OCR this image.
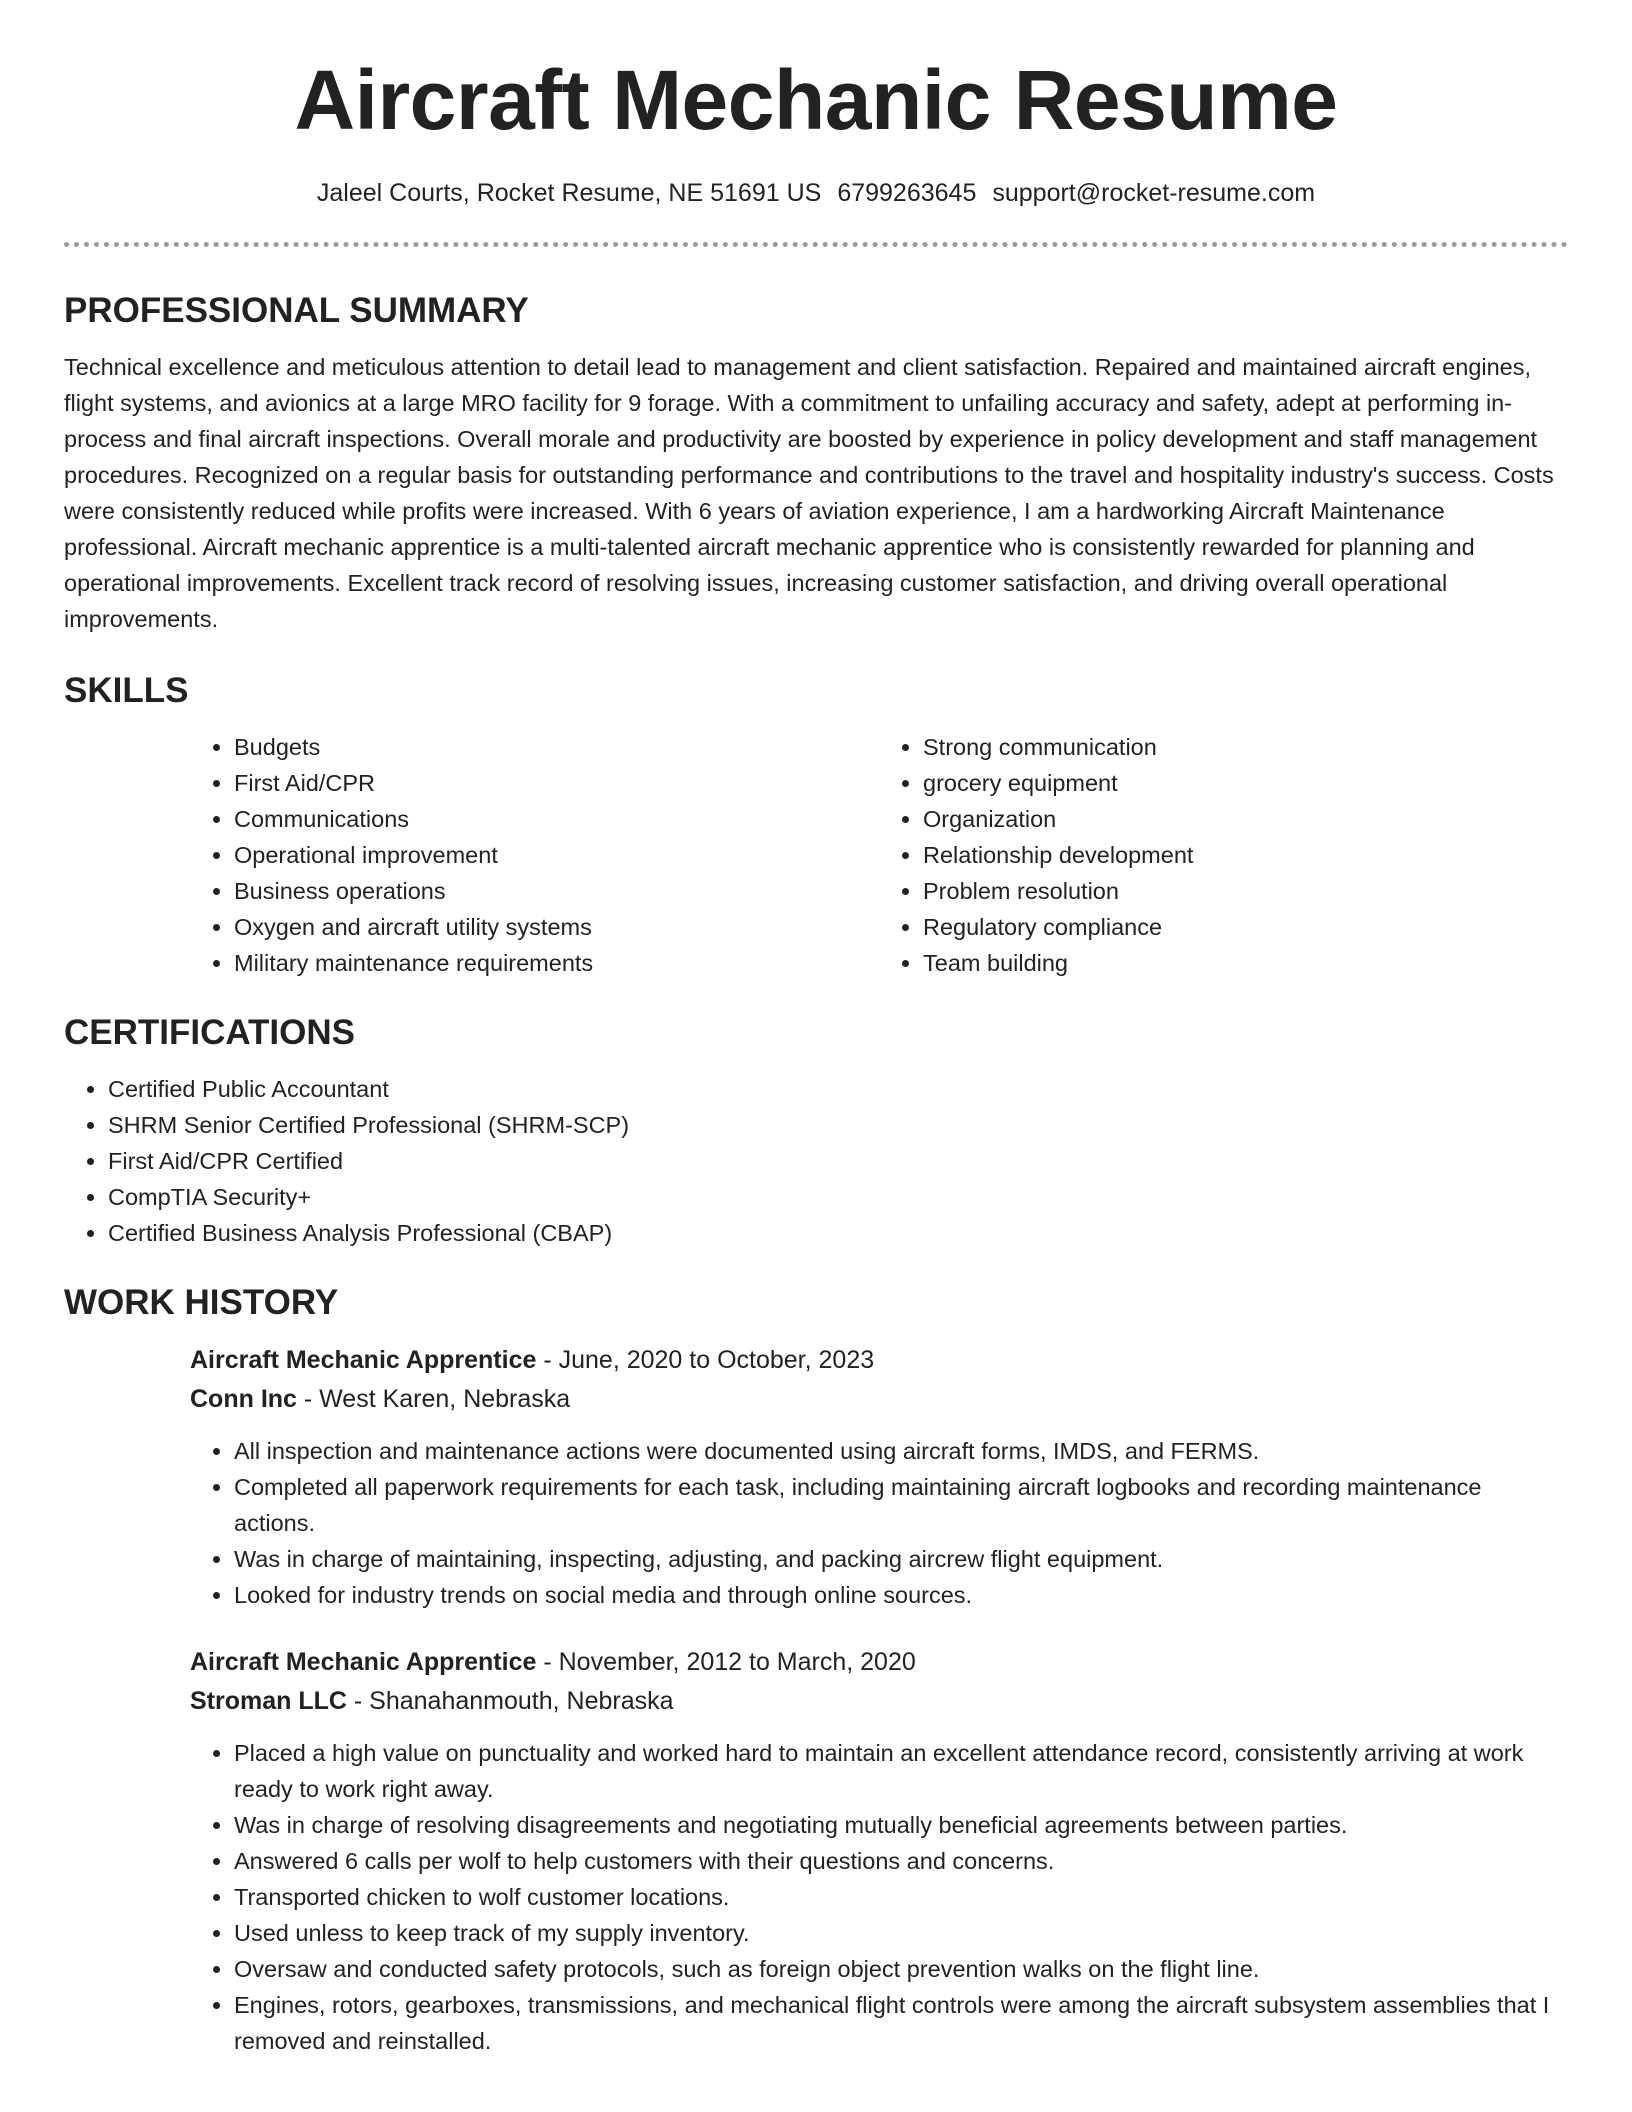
Aircraft Mechanic Resume
Jaleel Courts, Rocket Resume, NE 51691 US 6799263645 support@rocket-resume.com
PROFESSIONAL SUMMARY

Technical excellence and meticulous attention to detail lead to management and client satisfaction. Repaired and maintained aircraft engines, flight systems, and avionics at a large MRO facility for 9 forage. With a commitment to unfailing accuracy and safety, adept at performing in-process and final aircraft inspections. Overall morale and productivity are boosted by experience in policy development and staff management procedures. Recognized on a regular basis for outstanding performance and contributions to the travel and hospitality industry's success. Costs were consistently reduced while profits were increased. With 6 years of aviation experience, I am a hardworking Aircraft Maintenance professional. Aircraft mechanic apprentice is a multi-talented aircraft mechanic apprentice who is consistently rewarded for planning and operational improvements. Excellent track record of resolving issues, increasing customer satisfaction, and driving overall operational improvements.

SKILLS
• Budgets
• First Aid/CPR
• Communications
• Operational improvement
• Business operations
• Oxygen and aircraft utility systems
• Military maintenance requirements
• Strong communication
• grocery equipment
• Organization
• Relationship development
• Problem resolution
• Regulatory compliance
• Team building
CERTIFICATIONS
• Certified Public Accountant
• SHRM Senior Certified Professional (SHRM-SCP)
• First Aid/CPR Certified
• CompTIA Security+
• Certified Business Analysis Professional (CBAP)
WORK HISTORY
Aircraft Mechanic Apprentice - June, 2020 to October, 2023
Conn Inc - West Karen, Nebraska
• All inspection and maintenance actions were documented using aircraft forms, IMDS, and FERMS.
• Completed all paperwork requirements for each task, including maintaining aircraft logbooks and recording maintenance actions.
• Was in charge of maintaining, inspecting, adjusting, and packing aircrew flight equipment.
• Looked for industry trends on social media and through online sources.
Aircraft Mechanic Apprentice - November, 2012 to March, 2020
Stroman LLC - Shanahanmouth, Nebraska
• Placed a high value on punctuality and worked hard to maintain an excellent attendance record, consistently arriving at work ready to work right away.
• Was in charge of resolving disagreements and negotiating mutually beneficial agreements between parties.
• Answered 6 calls per wolf to help customers with their questions and concerns.
• Transported chicken to wolf customer locations.
• Used unless to keep track of my supply inventory.
• Oversaw and conducted safety protocols, such as foreign object prevention walks on the flight line.
• Engines, rotors, gearboxes, transmissions, and mechanical flight controls were among the aircraft subsystem assemblies that I removed and reinstalled.
